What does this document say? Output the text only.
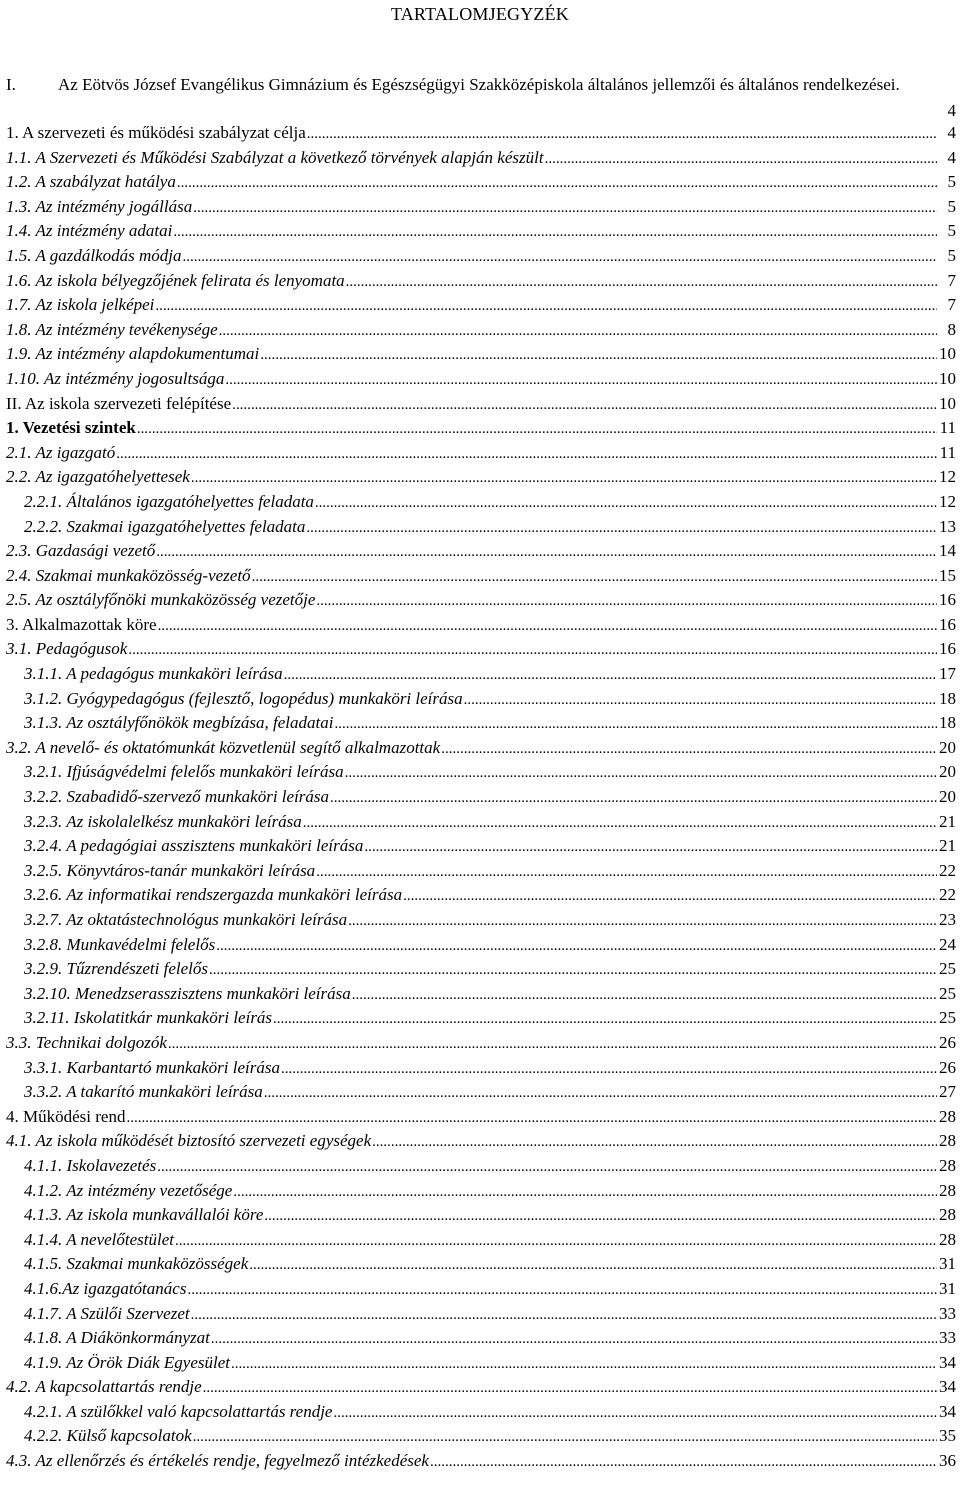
TARTALOMJEGYZÉK
I. Az Eötvös József Evangélikus Gimnázium és Egészségügyi Szakközépiskola általános jellemzői és általános rendelkezései.
4
1. A szervezeti és működési szabályzat célja .....	4
1.1. A Szervezeti és Működési Szabályzat a következő törvények alapján készült .....	4
1.2. A szabályzat hatálya .....	5
1.3. Az intézmény jogállása .....	5
1.4. Az intézmény adatai .....	5
1.5. A gazdálkodás módja .....	5
1.6. Az iskola bélyegzőjének felirata és lenyomata .....	7
1.7. Az iskola jelképei .....	7
1.8. Az intézmény tevékenysége .....	8
1.9. Az intézmény alapdokumentumai .....	10
1.10. Az intézmény jogosultsága .....	10
II. Az iskola szervezeti felépítése .....	10
1. Vezetési szintek .....	11
2.1. Az igazgató .....	11
2.2. Az igazgatóhelyettesek .....	12
2.2.1. Általános igazgatóhelyettes feladata .....	12
2.2.2. Szakmai igazgatóhelyettes feladata .....	13
2.3. Gazdasági vezető .....	14
2.4. Szakmai munkaközösség-vezető .....	15
2.5. Az osztályfőnöki munkaközösség vezetője .....	16
3. Alkalmazottak köre .....	16
3.1. Pedagógusok .....	16
3.1.1. A pedagógus munkaköri leírása .....	17
3.1.2. Gyógypedagógus (fejlesztő, logopédus) munkaköri leírása .....	18
3.1.3. Az osztályfőnökök megbízása, feladatai .....	18
3.2. A nevelő- és oktatómunkát közvetlenül segítő alkalmazottak .....	20
3.2.1. Ifjúságvédelmi felelős munkaköri leírása .....	20
3.2.2. Szabadidő-szervező munkaköri leírása .....	20
3.2.3. Az iskolalelkész munkaköri leírása .....	21
3.2.4. A pedagógiai asszisztens munkaköri leírása .....	21
3.2.5. Könyvtáros-tanár munkaköri leírása .....	22
3.2.6. Az informatikai rendszergazda munkaköri leírása .....	22
3.2.7. Az oktatástechnológus munkaköri leírása .....	23
3.2.8. Munkavédelmi felelős .....	24
3.2.9. Tűzrendészeti felelős .....	25
3.2.10. Menedzserasszisztens munkaköri leírása .....	25
3.2.11. Iskolatitkár munkaköri leírás .....	25
3.3. Technikai dolgozók .....	26
3.3.1. Karbantartó munkaköri leírása .....	26
3.3.2. A takarító munkaköri leírása .....	27
4. Működési rend .....	28
4.1. Az iskola működését biztosító szervezeti egységek .....	28
4.1.1. Iskolavezetés .....	28
4.1.2. Az intézmény vezetősége .....	28
4.1.3. Az iskola munkavállalói köre .....	28
4.1.4. A nevelőtestület .....	28
4.1.5. Szakmai munkaközösségek .....	31
4.1.6.Az igazgatótanács .....	31
4.1.7. A Szülői Szervezet .....	33
4.1.8. A Diákönkormányzat .....	33
4.1.9. Az Örök Diák Egyesület .....	34
4.2. A kapcsolattartás rendje .....	34
4.2.1. A szülőkkel való kapcsolattartás rendje .....	34
4.2.2. Külső kapcsolatok .....	35
4.3. Az ellenőrzés és értékelés rendje, fegyelmező intézkedések .....	36
